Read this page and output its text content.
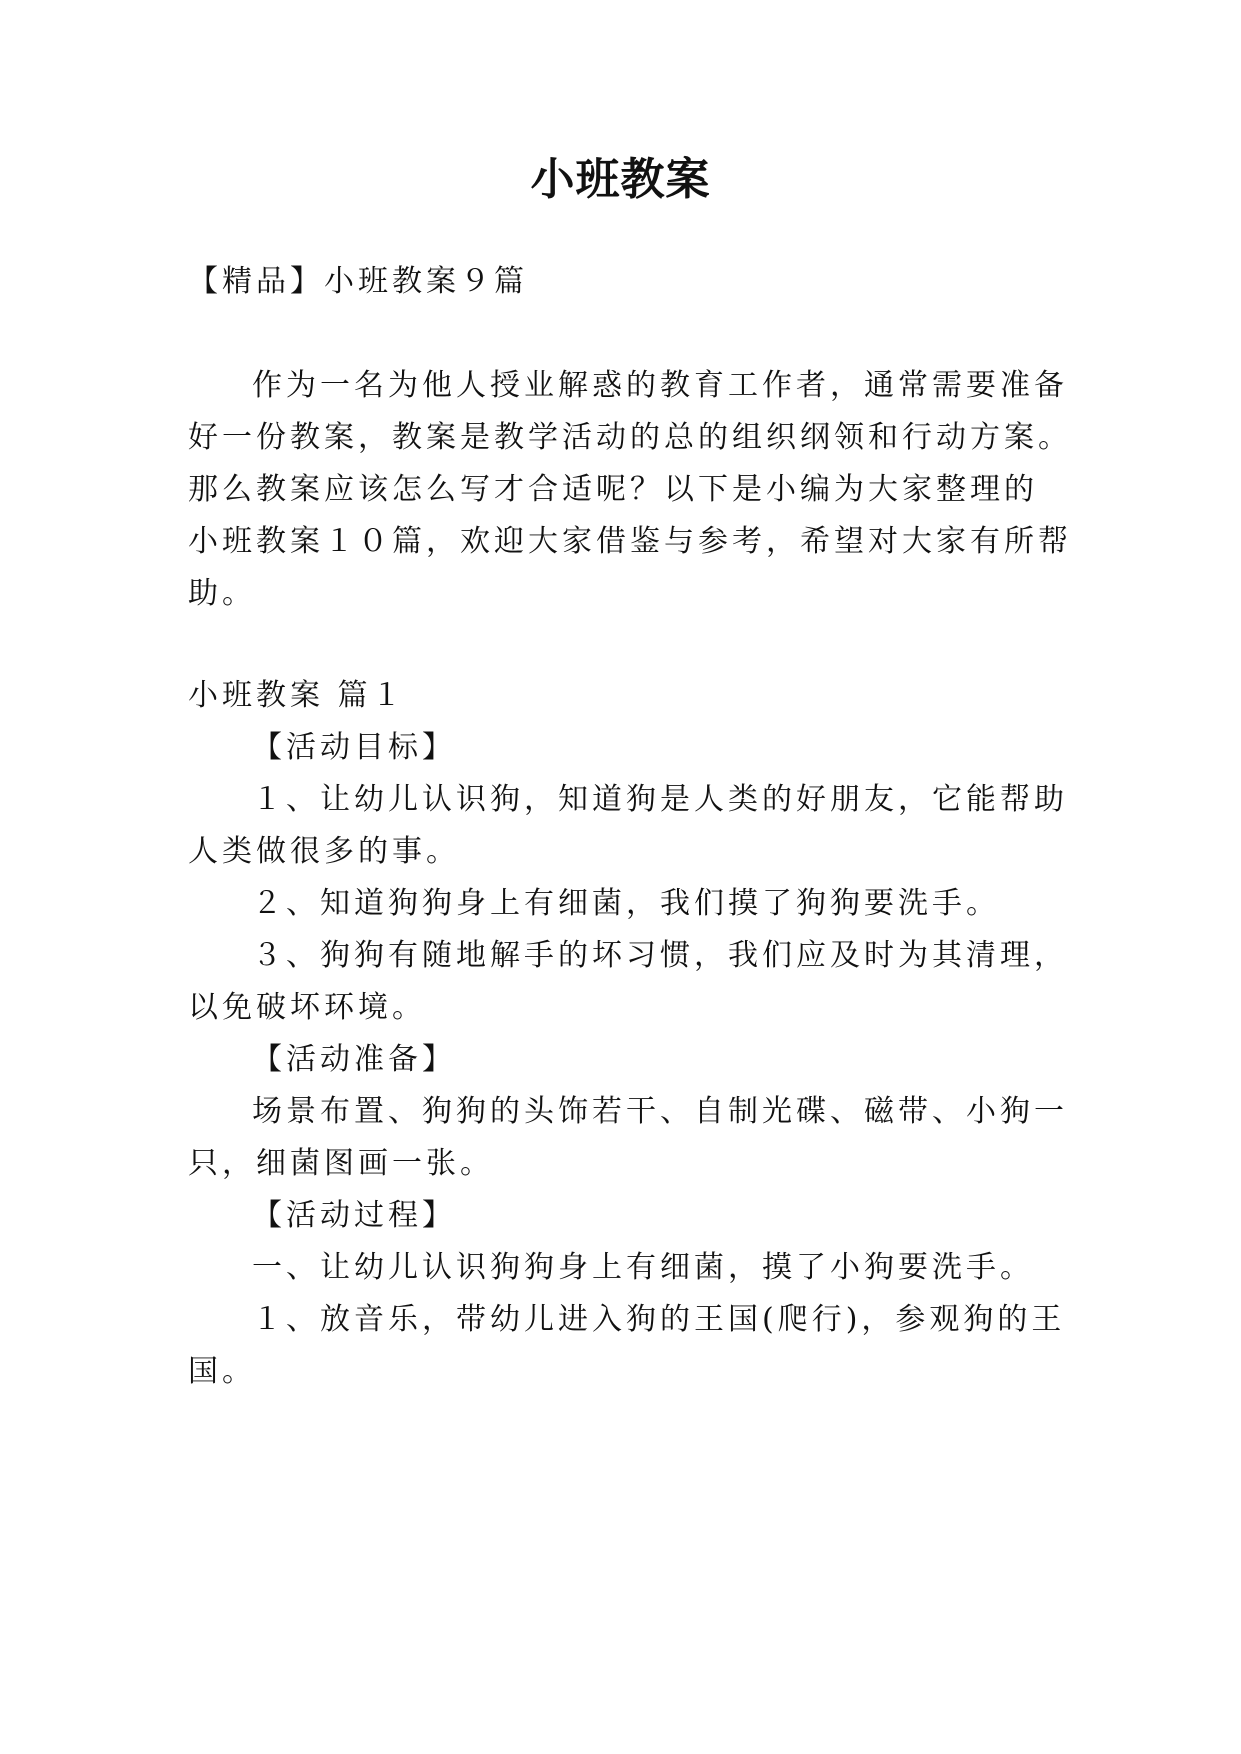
小班教案
【精品】小班教案９篇
作为一名为他人授业解惑的教育工作者，通常需要准备
好一份教案，教案是教学活动的总的组织纲领和行动方案。
那么教案应该怎么写才合适呢？以下是小编为大家整理的
小班教案１０篇，欢迎大家借鉴与参考，希望对大家有所帮
助。
小班教案 篇１
【活动目标】
１、让幼儿认识狗，知道狗是人类的好朋友，它能帮助
人类做很多的事。
２、知道狗狗身上有细菌，我们摸了狗狗要洗手。
３、狗狗有随地解手的坏习惯，我们应及时为其清理，
以免破坏环境。
【活动准备】
场景布置、狗狗的头饰若干、自制光碟、磁带、小狗一
只，细菌图画一张。
【活动过程】
一、让幼儿认识狗狗身上有细菌，摸了小狗要洗手。
１、放音乐，带幼儿进入狗的王国(爬行)，参观狗的王
国。
